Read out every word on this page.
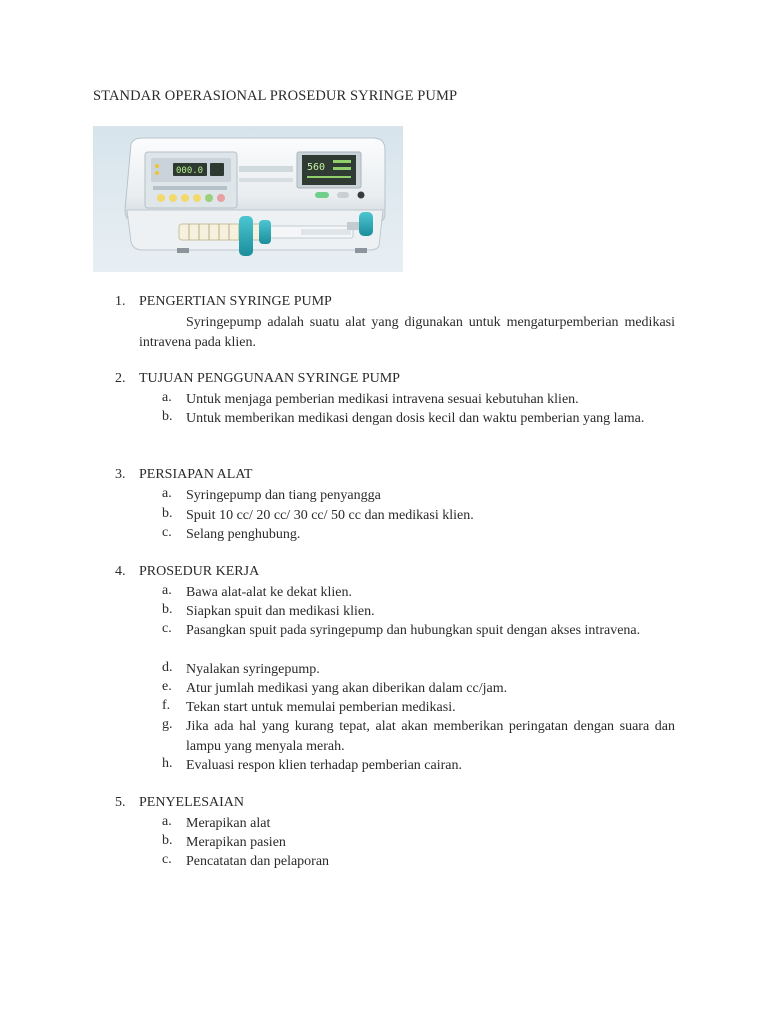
STANDAR OPERASIONAL PROSEDUR SYRINGE PUMP
000.0	560
1. PENGERTIAN SYRINGE PUMP
Syringepump adalah suatu alat yang digunakan untuk mengaturpemberian medikasi intravena pada klien.
2. TUJUAN PENGGUNAAN SYRINGE PUMP
a. Untuk menjaga pemberian medikasi intravena sesuai kebutuhan klien.
b. Untuk memberikan medikasi dengan dosis kecil dan waktu pemberian yang lama.
3. PERSIAPAN ALAT
a. Syringepump dan tiang penyangga
b. Spuit 10 cc/ 20 cc/ 30 cc/ 50 cc dan medikasi klien.
c. Selang penghubung.
4. PROSEDUR KERJA
a. Bawa alat-alat ke dekat klien.
b. Siapkan spuit dan medikasi klien.
c. Pasangkan spuit pada syringepump dan hubungkan spuit dengan akses intravena.
d. Nyalakan syringepump.
e. Atur jumlah medikasi yang akan diberikan dalam cc/jam.
f. Tekan start untuk memulai pemberian medikasi.
g. Jika ada hal yang kurang tepat, alat akan memberikan peringatan dengan suara dan lampu yang menyala merah.
h. Evaluasi respon klien terhadap pemberian cairan.
5. PENYELESAIAN
a. Merapikan alat
b. Merapikan pasien
c. Pencatatan dan pelaporan
